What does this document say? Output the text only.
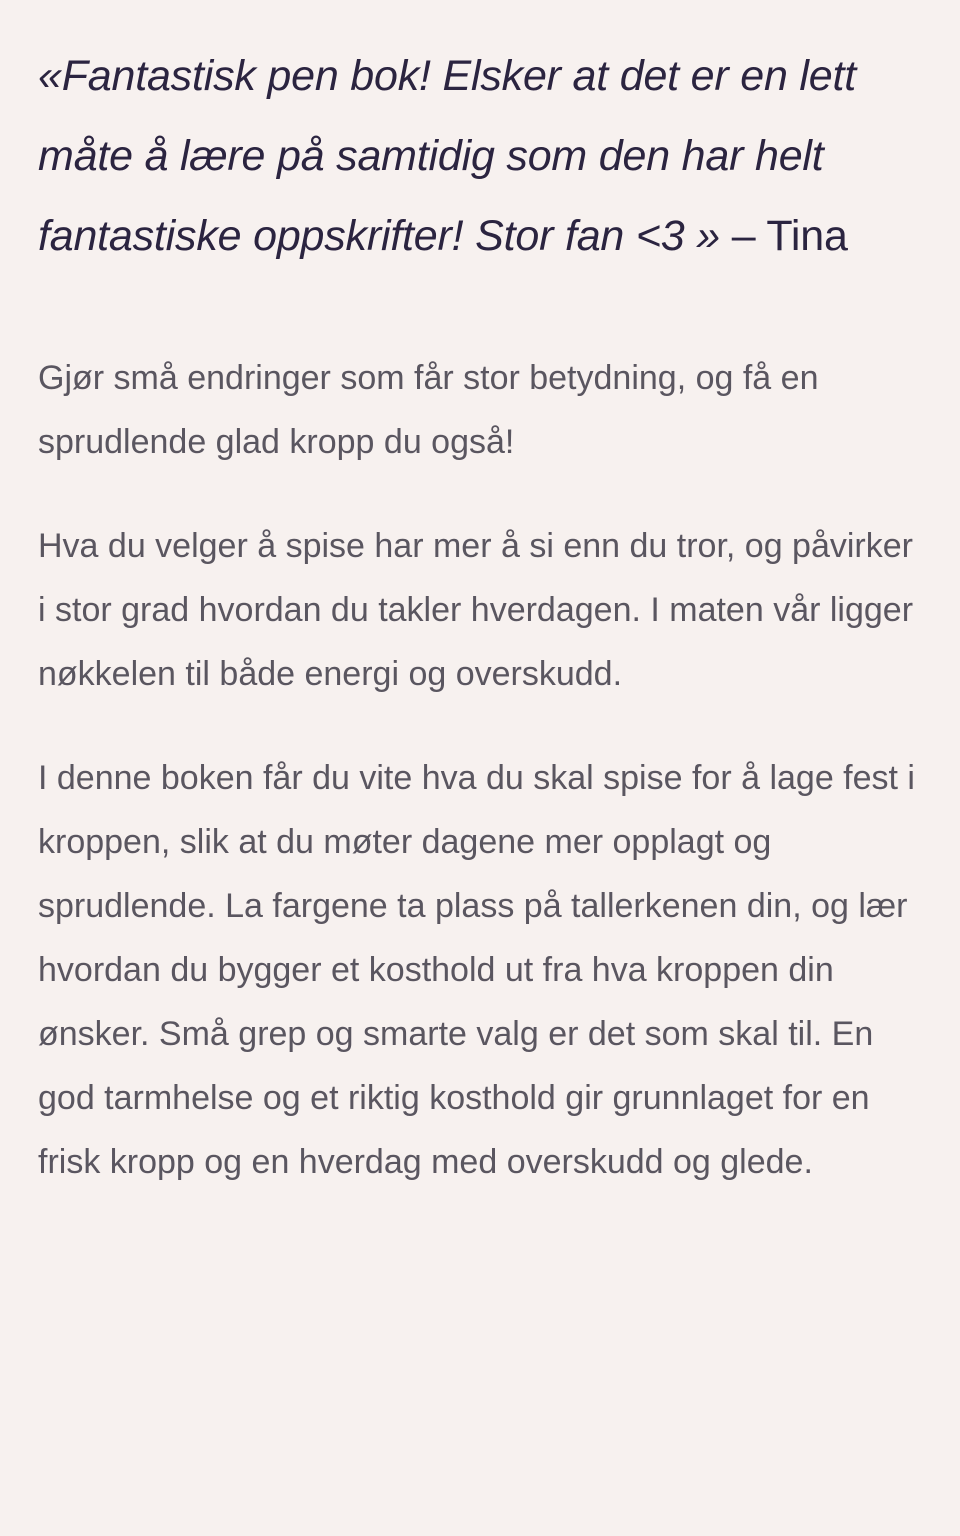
«Fantastisk pen bok! Elsker at det er en lett måte å lære på samtidig som den har helt fantastiske oppskrifter! Stor fan <3 » – Tina

Gjør små endringer som får stor betydning, og få en sprudlende glad kropp du også!

Hva du velger å spise har mer å si enn du tror, og påvirker i stor grad hvordan du takler hverdagen. I maten vår ligger nøkkelen til både energi og overskudd.

I denne boken får du vite hva du skal spise for å lage fest i kroppen, slik at du møter dagene mer opplagt og sprudlende. La fargene ta plass på tallerkenen din, og lær hvordan du bygger et kosthold ut fra hva kroppen din ønsker. Små grep og smarte valg er det som skal til. En god tarmhelse og et riktig kosthold gir grunnlaget for en frisk kropp og en hverdag med overskudd og glede.
